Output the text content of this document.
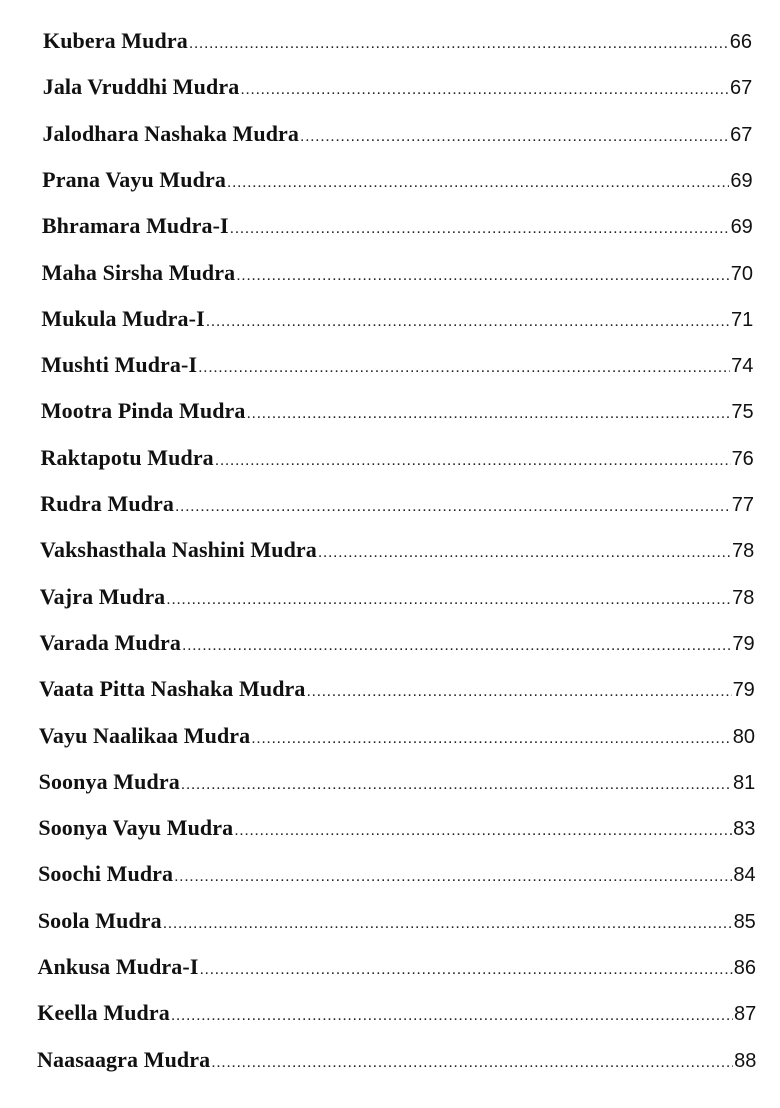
Kubera Mudra .....	66
Jala Vruddhi Mudra .....	67
Jalodhara Nashaka Mudra .....	67
Prana Vayu Mudra .....	69
Bhramara Mudra-I .....	69
Maha Sirsha Mudra .....	70
Mukula Mudra-I .....	71
Mushti Mudra-I .....	74
Mootra Pinda Mudra .....	75
Raktapotu Mudra .....	76
Rudra Mudra .....	77
Vakshasthala Nashini Mudra .....	78
Vajra Mudra .....	78
Varada Mudra .....	79
Vaata Pitta Nashaka Mudra .....	79
Vayu Naalikaa Mudra .....	80
Soonya Mudra .....	81
Soonya Vayu Mudra .....	83
Soochi Mudra .....	84
Soola Mudra .....	85
Ankusa Mudra-I .....	86
Keella Mudra .....	87
Naasaagra Mudra .....	88
